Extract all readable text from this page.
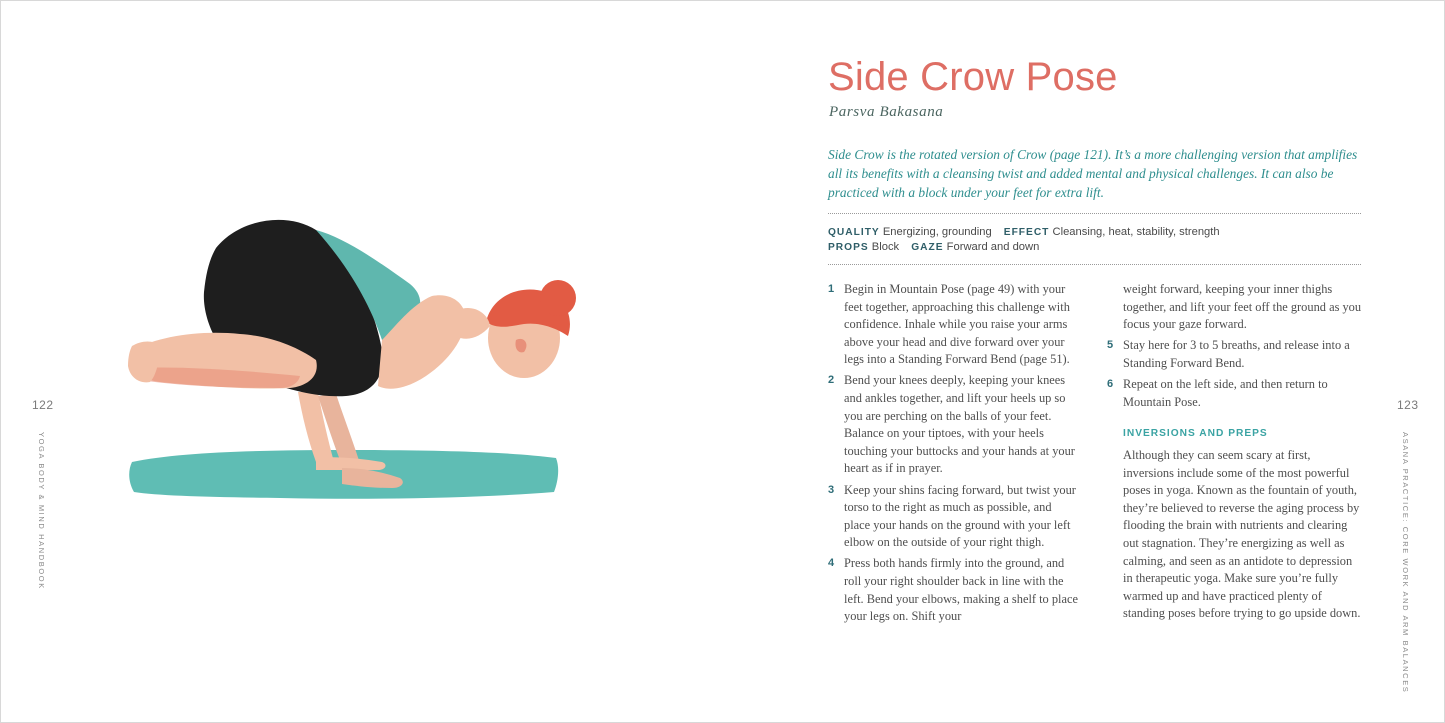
122	123
YOGA BODY & MIND HANDBOOK	ASANA PRACTICE: CORE WORK AND ARM BALANCES
Side Crow Pose
Parsva Bakasana

Side Crow is the rotated version of Crow (page 121). It’s a more challenging version that amplifies all its benefits with a cleansing twist and added mental and physical challenges. It can also be practiced with a block under your feet for extra lift.

QUALITY Energizing, grounding EFFECT Cleansing, heat, stability, strength
PROPS Block GAZE Forward and down
1 Begin in Mountain Pose (page 49) with your feet together, approaching this challenge with confidence. Inhale while you raise your arms above your head and dive forward over your legs into a Standing Forward Bend (page 51).
2 Bend your knees deeply, keeping your knees and ankles together, and lift your heels up so you are perching on the balls of your feet. Balance on your tiptoes, with your heels touching your buttocks and your hands at your heart as if in prayer.
3 Keep your shins facing forward, but twist your torso to the right as much as possible, and place your hands on the ground with your left elbow on the outside of your right thigh.
4 Press both hands firmly into the ground, and roll your right shoulder back in line with the left. Bend your elbows, making a shelf to place your legs on. Shift your
weight forward, keeping your inner thighs together, and lift your feet off the ground as you focus your gaze forward.
5 Stay here for 3 to 5 breaths, and release into a Standing Forward Bend.
6 Repeat on the left side, and then return to Mountain Pose.
INVERSIONS AND PREPS

Although they can seem scary at first, inversions include some of the most powerful poses in yoga. Known as the fountain of youth, they’re believed to reverse the aging process by flooding the brain with nutrients and clearing out stagnation. They’re energizing as well as calming, and seen as an antidote to depression in therapeutic yoga. Make sure you’re fully warmed up and have practiced plenty of standing poses before trying to go upside down.
